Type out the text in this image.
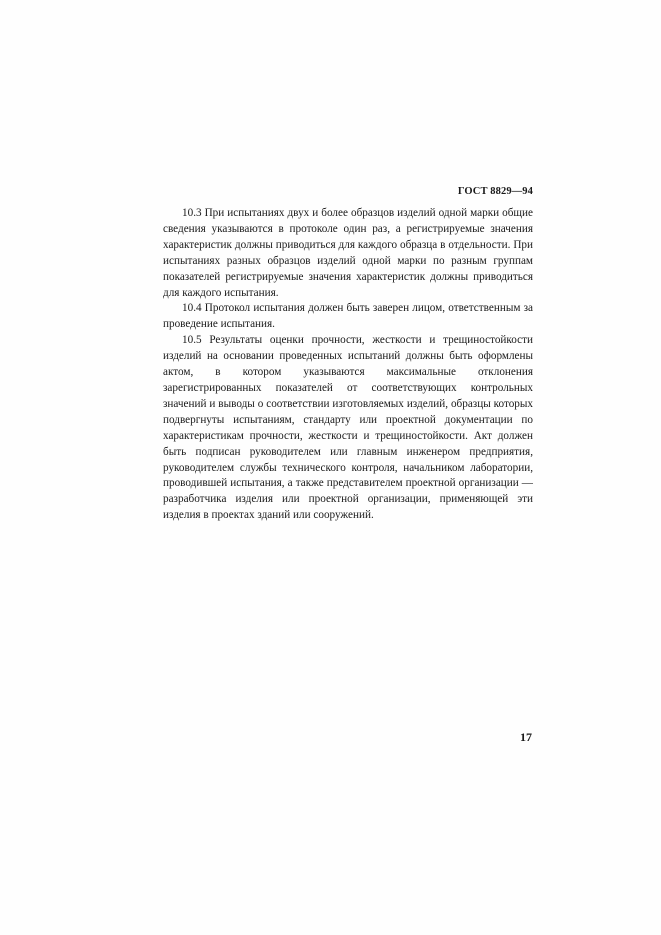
ГОСТ 8829—94

10.3 При испытаниях двух и более образцов изделий одной марки общие сведения указываются в протоколе один раз, а регистрируемые значения характеристик должны приводиться для каждого образца в отдельности. При испытаниях разных образцов изделий одной марки по разным группам показателей регистрируемые значения характеристик должны приводиться для каждого испытания.

10.4 Протокол испытания должен быть заверен лицом, ответственным за проведение испытания.

10.5 Результаты оценки прочности, жесткости и трещиностойкости изделий на основании проведенных испытаний должны быть оформлены актом, в котором указываются максимальные отклонения зарегистрированных показателей от соответствующих контрольных значений и выводы о соответствии изготовляемых изделий, образцы которых подвергнуты испытаниям, стандарту или проектной документации по характеристикам прочности, жесткости и трещиностойкости. Акт должен быть подписан руководителем или главным инженером предприятия, руководителем службы технического контроля, начальником лаборатории, проводившей испытания, а также представителем проектной организации — разработчика изделия или проектной организации, применяющей эти изделия в проектах зданий или сооружений.

17
